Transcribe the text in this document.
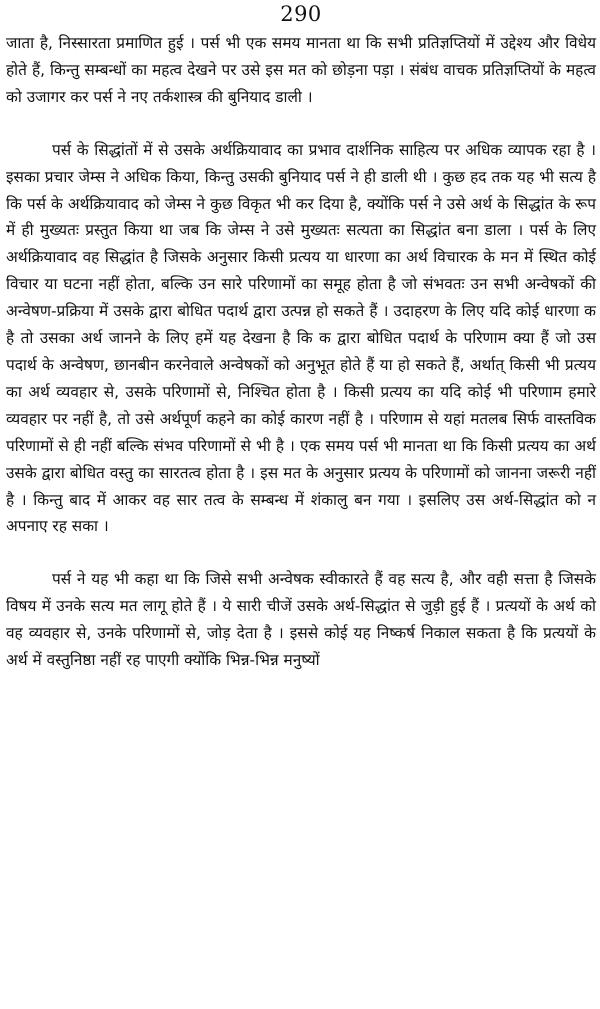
290

जाता है, निस्सारता प्रमाणित हुई । पर्स भी एक समय मानता था कि सभी प्रतिज्ञप्तियों में उद्देश्य और विधेय होते हैं, किन्तु सम्बन्धों का महत्व देखने पर उसे इस मत को छोड़ना पड़ा । संबंध वाचक प्रतिज्ञप्तियों के महत्व को उजागर कर पर्स ने नए तर्कशास्त्र की बुनियाद डाली ।

पर्स के सिद्धांतों में से उसके अर्थक्रियावाद का प्रभाव दार्शनिक साहित्य पर अधिक व्यापक रहा है । इसका प्रचार जेम्स ने अधिक किया, किन्तु उसकी बुनियाद पर्स ने ही डाली थी । कुछ हद तक यह भी सत्य है कि पर्स के अर्थक्रियावाद को जेम्स ने कुछ विकृत भी कर दिया है, क्योंकि पर्स ने उसे अर्थ के सिद्धांत के रूप में ही मुख्यतः प्रस्तुत किया था जब कि जेम्स ने उसे मुख्यतः सत्यता का सिद्धांत बना डाला । पर्स के लिए अर्थक्रियावाद वह सिद्धांत है जिसके अनुसार किसी प्रत्यय या धारणा का अर्थ विचारक के मन में स्थित कोई विचार या घटना नहीं होता, बल्कि उन सारे परिणामों का समूह होता है जो संभवतः उन सभी अन्वेषकों की अन्वेषण-प्रक्रिया में उसके द्वारा बोधित पदार्थ द्वारा उत्पन्न हो सकते हैं । उदाहरण के लिए यदि कोई धारणा क है तो उसका अर्थ जानने के लिए हमें यह देखना है कि क द्वारा बोधित पदार्थ के परिणाम क्या हैं जो उस पदार्थ के अन्वेषण, छानबीन करनेवाले अन्वेषकों को अनुभूत होते हैं या हो सकते हैं, अर्थात् किसी भी प्रत्यय का अर्थ व्यवहार से, उसके परिणामों से, निश्चित होता है । किसी प्रत्यय का यदि कोई भी परिणाम हमारे व्यवहार पर नहीं है, तो उसे अर्थपूर्ण कहने का कोई कारण नहीं है । परिणाम से यहां मतलब सिर्फ वास्तविक परिणामों से ही नहीं बल्कि संभव परिणामों से भी है । एक समय पर्स भी मानता था कि किसी प्रत्यय का अर्थ उसके द्वारा बोधित वस्तु का सारतत्व होता है । इस मत के अनुसार प्रत्यय के परिणामों को जानना जरूरी नहीं है । किन्तु बाद में आकर वह सार तत्व के सम्बन्ध में शंकालु बन गया । इसलिए उस अर्थ-सिद्धांत को न अपनाए रह सका ।

पर्स ने यह भी कहा था कि जिसे सभी अन्वेषक स्वीकारते हैं वह सत्य है, और वही सत्ता है जिसके विषय में उनके सत्य मत लागू होते हैं । ये सारी चीजें उसके अर्थ-सिद्धांत से जुड़ी हुई हैं । प्रत्ययों के अर्थ को वह व्यवहार से, उनके परिणामों से, जोड़ देता है । इससे कोई यह निष्कर्ष निकाल सकता है कि प्रत्ययों के अर्थ में वस्तुनिष्ठा नहीं रह पाएगी क्योंकि भिन्न-भिन्न मनुष्यों
